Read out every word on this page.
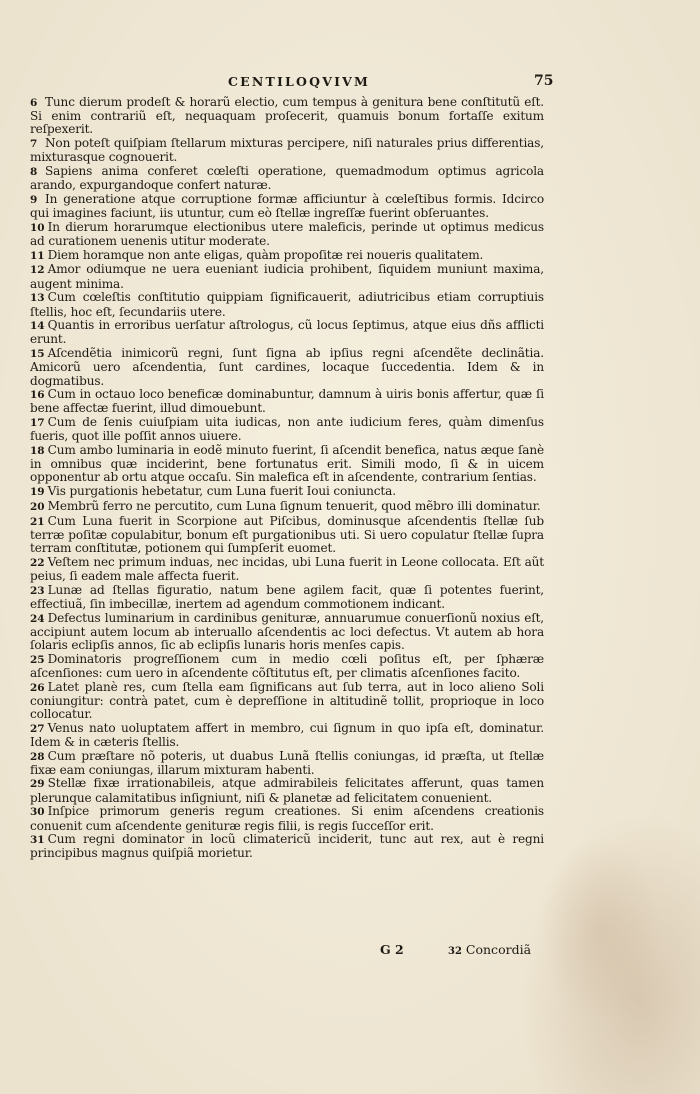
CENTILOQVIVM	75

6 Tunc dierum prodeſt & horarũ electio, cum tempus à genitura bene conſtitutũ eſt. Si enim contrariũ eſt, nequaquam proſecerit, quamuis bonum fortaſſe exitum reſpexerit.

7 Non poteſt quiſpiam ſtellarum mixturas percipere, niſi naturales prius differentias, mixturasque cognouerit.

8 Sapiens anima conferet cœleſti operatione, quemadmodum optimus agricola arando, expurgandoque confert naturæ.

9 In generatione atque corruptione formæ afficiuntur à cœleſtibus formis. Idcirco qui imagines faciunt, iis utuntur, cum eò ſtellæ ingreſſæ fuerint obſeruantes.

10 In dierum horarumque electionibus utere maleficis, perinde ut optimus medicus ad curationem uenenis utitur moderate.

11 Diem horamque non ante eligas, quàm propoſitæ rei noueris qualitatem.

12 Amor odiumque ne uera eueniant iudicia prohibent, ſiquidem muniunt maxima, augent minima.

13 Cum cœleſtis conſtitutio quippiam ſignificauerit, adiutricibus etiam corruptiuis ſtellis, hoc eſt, ſecundariis utere.

14 Quantis in erroribus uerſatur aſtrologus, cũ locus ſeptimus, atque eius dñs afflicti erunt.

15 Aſcendẽtia inimicorũ regni, ſunt ſigna ab ipſius regni aſcendẽte declinãtia. Amicorũ uero aſcendentia, ſunt cardines, locaque ſuccedentia. Idem & in dogmatibus.

16 Cum in octauo loco beneficæ dominabuntur, damnum à uiris bonis affertur, quæ ſi bene affectæ fuerint, illud dimouebunt.

17 Cum de ſenis cuiuſpiam uita iudicas, non ante iudicium feres, quàm dimenſus fueris, quot ille poſſit annos uiuere.

18 Cum ambo luminaria in eodẽ minuto fuerint, ſi aſcendit benefica, natus æque ſanè in omnibus quæ inciderint, bene fortunatus erit. Simili modo, ſi & in uicem opponentur ab ortu atque occaſu. Sin malefica eſt in aſcendente, contrarium ſentias.

19 Vis purgationis hebetatur, cum Luna fuerit Ioui coniuncta.

20 Membrũ ferro ne percutito, cum Luna ſignum tenuerit, quod mẽbro illi dominatur.

21 Cum Luna fuerit in Scorpione aut Piſcibus, dominusque aſcendentis ſtellæ ſub terræ poſitæ copulabitur, bonum eſt purgationibus uti. Si uero copulatur ſtellæ ſupra terram conſtitutæ, potionem qui ſumpſerit euomet.

22 Veſtem nec primum induas, nec incidas, ubi Luna fuerit in Leone collocata. Eſt aũt peius, ſi eadem male affecta fuerit.

23 Lunæ ad ſtellas figuratio, natum bene agilem facit, quæ ſi potentes fuerint, effectiuã, ſin imbecillæ, inertem ad agendum commotionem indicant.

24 Defectus luminarium in cardinibus genituræ, annuarumue conuerſionũ noxius eſt, accipiunt autem locum ab interuallo aſcendentis ac loci defectus. Vt autem ab hora ſolaris eclipſis annos, ſic ab eclipſis lunaris horis menſes capis.

25 Dominatoris progreſſionem cum in medio cœli poſitus eſt, per ſphæræ aſcenſiones: cum uero in aſcendente cõſtitutus eſt, per climatis aſcenſiones facito.

26 Latet planè res, cum ſtella eam ſignificans aut ſub terra, aut in loco alieno Soli coniungitur: contrà patet, cum è depreſſione in altitudinẽ tollit, proprioque in loco collocatur.

27 Venus nato uoluptatem affert in membro, cui ſignum in quo ipſa eſt, dominatur. Idem & in cæteris ſtellis.

28 Cum præſtare nõ poteris, ut duabus Lunã ſtellis coniungas, id præſta, ut ſtellæ fixæ eam coniungas, illarum mixturam habenti.

29 Stellæ fixæ irrationabileis, atque admirabileis felicitates afferunt, quas tamen plerunque calamitatibus inſigniunt, niſi & planetæ ad felicitatem conuenient.

30 Inſpice primorum generis regum creationes. Si enim aſcendens creationis conuenit cum aſcendente genituræ regis filii, is regis ſucceſſor erit.

31 Cum regni dominator in locũ climatericũ inciderit, tunc aut rex, aut è regni principibus magnus quiſpiã morietur.

G 2	32 Concordiã
